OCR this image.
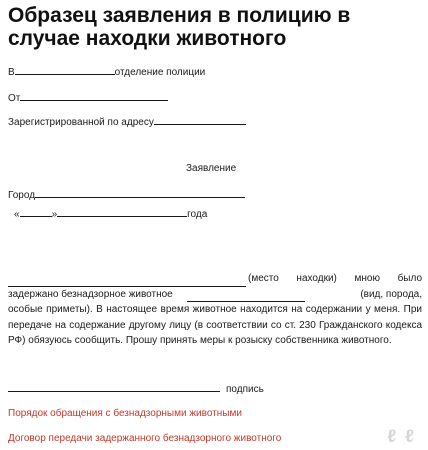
Образец заявления в полицию в случае находки животного
В	отделение полиции
От
Зарегистрированной по адресу
Заявление
Город
«	»	года
(место находки) мною было
задержано безнадзорное животное	(вид, порода,
особые приметы). В настоящее время животное находится на содержании у меня. При передаче на содержание другому лицу (в соответствии со ст. 230 Гражданского кодекса РФ) обязуюсь сообщить. Прошу принять меры к розыску собственника животного.
подпись
Порядок обращения с безнадзорными животными
Договор передачи задержанного безнадзорного животного	ℓ ℓ
